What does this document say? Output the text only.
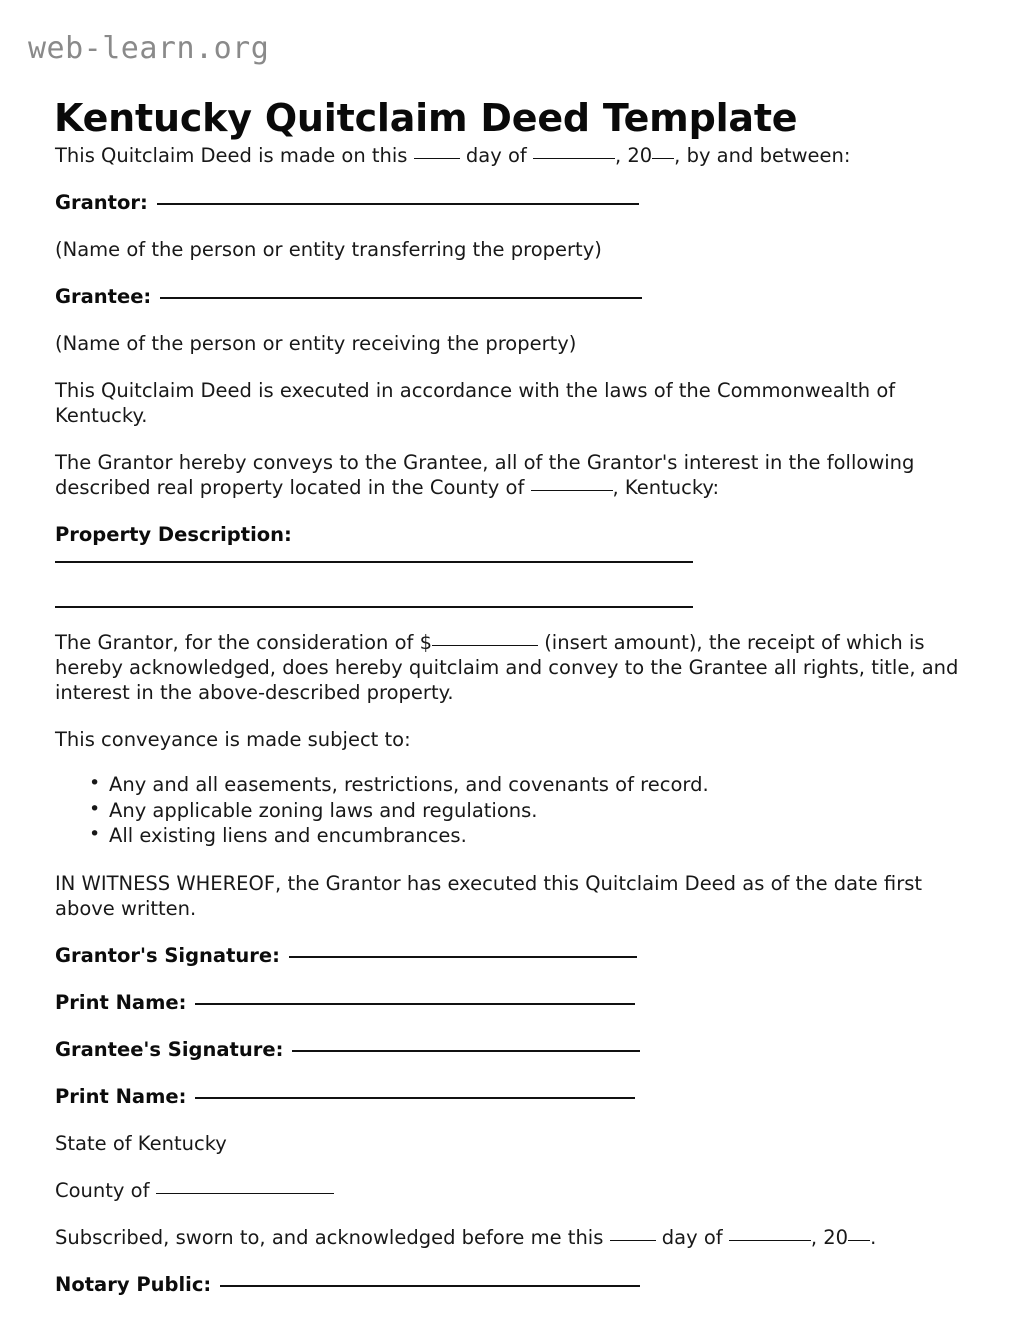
web-learn.org
Kentucky Quitclaim Deed Template

This Quitclaim Deed is made on this	day of	, 20 , by and between:

Grantor:

(Name of the person or entity transferring the property)

Grantee:

(Name of the person or entity receiving the property)

This Quitclaim Deed is executed in accordance with the laws of the Commonwealth of Kentucky.

The Grantor hereby conveys to the Grantee, all of the Grantor's interest in the following described real property located in the County of	, Kentucky:

Property Description:

The Grantor, for the consideration of $	(insert amount), the receipt of which is hereby acknowledged, does hereby quitclaim and convey to the Grantee all rights, title, and interest in the above-described property.

This conveyance is made subject to:

• Any and all easements, restrictions, and covenants of record.
• Any applicable zoning laws and regulations.
• All existing liens and encumbrances.

IN WITNESS WHEREOF, the Grantor has executed this Quitclaim Deed as of the date first above written.

Grantor's Signature:
Print Name:
Grantee's Signature:
Print Name:

State of Kentucky

County of

Subscribed, sworn to, and acknowledged before me this	day of	, 20 .

Notary Public:
